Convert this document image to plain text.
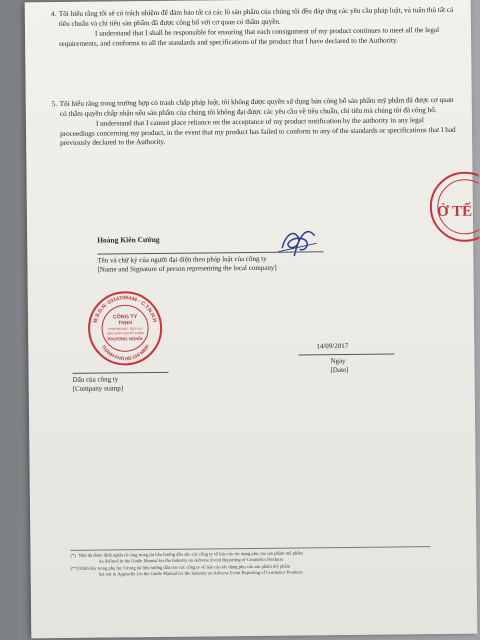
4. Tôi hiểu rằng tôi sẽ có trách nhiệm để đảm bảo tất cả các lô sản phẩm của chúng tôi đều đáp ứng các yêu cầu pháp luật, và tuân thủ tất cả tiêu chuẩn và chỉ tiêu sản phẩm đã được công bố với cơ quan có thẩm quyền.
I understand that I shall be responsible for ensuring that each consignment of my product continues to meet all the legal requirements, and conforms to all the standards and specifications of the product that I have declared to the Authority.
5. Tôi hiểu rằng trong trường hợp có tranh chấp pháp luật, tôi không được quyền sử dụng bản công bố sản phẩm mỹ phẩm đã được cơ quan có thẩm quyền chấp nhận nếu sản phẩm của chúng tôi không đạt được các yêu cầu về tiêu chuẩn, chỉ tiêu mà chúng tôi đã công bố.
I understand that I cannot place reliance on the acceptance of my product notification by the authority in any legal proceedings concerning my product, in the event that my product has failed to conform to any of the standards or specifications that I had previously declared to the Authority.
Ở TẾ
Hoàng Kiên Cường
Tên và chữ ký của người đại diện theo pháp luật của công ty
[Name and Signature of person representing the local company]
M.S.D.N: 0314709446 - C.T.N.H.H
THÀNH PHỐ HỒ CHÍ MINH
CÔNG TY
TNHH
THƯƠNG MẠI - DỊCH VỤ
SẢN XUẤT HÓA MỸ PHẨM
PHƯƠNG NGHĨA
14/09/2017
Ngày
[Date]
Dấu của công ty
[Company stamp]
(*) Như đã được định nghĩa rõ ràng trong tài liệu hướng dẫn cho các công ty về báo cáo tác dụng phụ của sản phẩm mỹ phẩm
As defined in the Guide Manual for the Industry on Adverse Event Reporting of Cosmetics Products
(**) Trình bày trong phụ lục I trong tài liệu hướng dẫn cho các công ty về báo cáo tác dụng phụ của sản phẩm mỹ phẩm
Set out in Appendix I in the Guide Manual for the Industry on Adverse Event Reporting of Cosmetics Products
